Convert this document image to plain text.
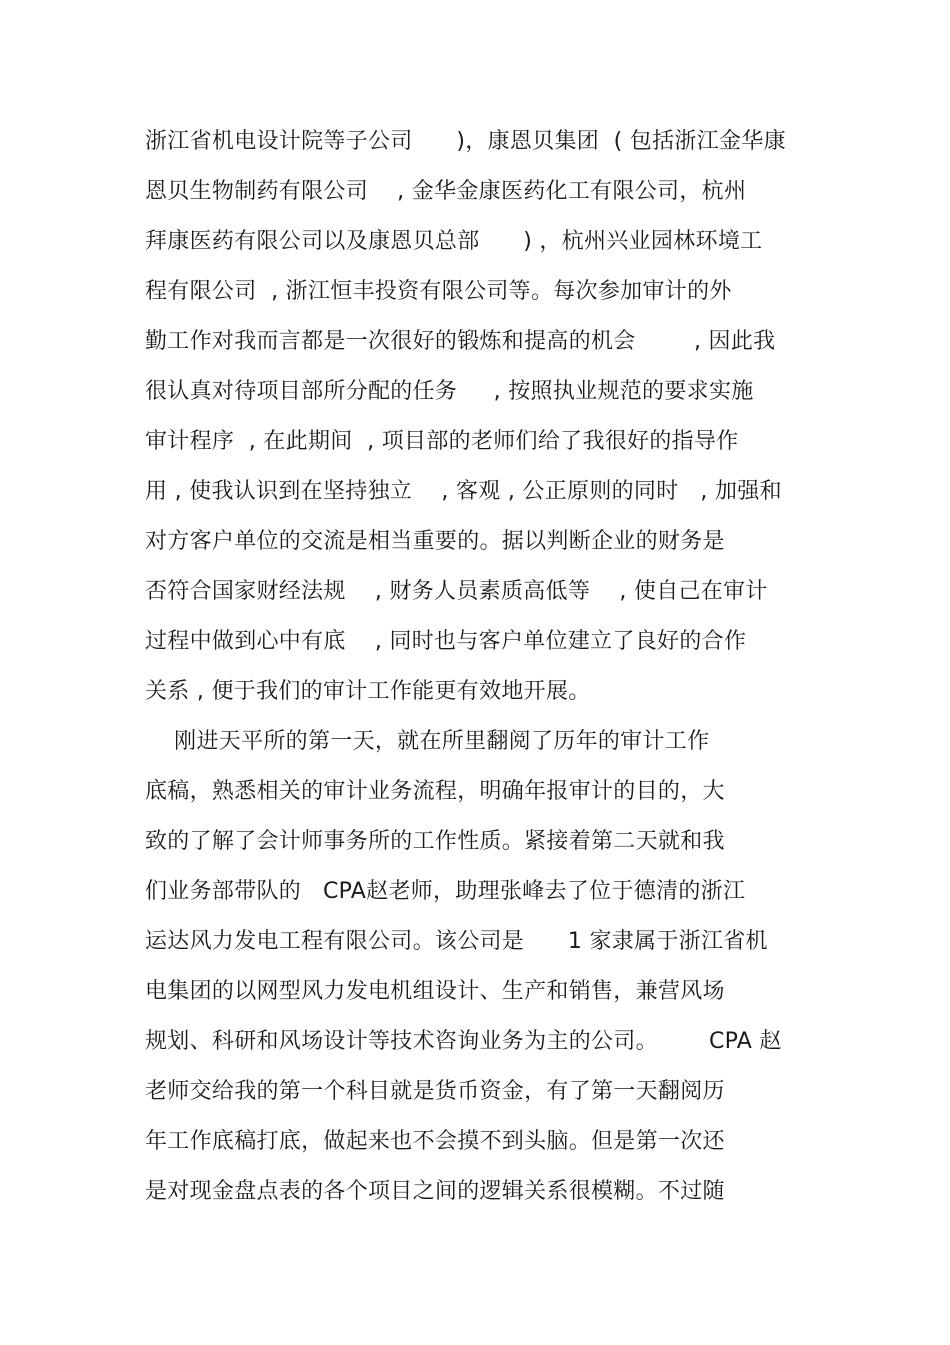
浙江省机电设计院等子公司      )，康恩贝集团  ( 包括浙江金华康
恩贝生物制药有限公司    , 金华金康医药化工有限公司，杭州
拜康医药有限公司以及康恩贝总部      ) ，杭州兴业园林环境工
程有限公司  , 浙江恒丰投资有限公司等。每次参加审计的外
勤工作对我而言都是一次很好的锻炼和提高的机会        , 因此我
很认真对待项目部所分配的任务     , 按照执业规范的要求实施
审计程序  , 在此期间  , 项目部的老师们给了我很好的指导作
用 , 使我认识到在坚持独立    , 客观 , 公正原则的同时   , 加强和
对方客户单位的交流是相当重要的。据以判断企业的财务是
否符合国家财经法规    , 财务人员素质高低等    , 使自己在审计
过程中做到心中有底    , 同时也与客户单位建立了良好的合作
关系 , 便于我们的审计工作能更有效地开展。
刚进天平所的第一天，就在所里翻阅了历年的审计工作
底稿，熟悉相关的审计业务流程，明确年报审计的目的，大
致的了解了会计师事务所的工作性质。紧接着第二天就和我
们业务部带队的   CPA赵老师，助理张峰去了位于德清的浙江
运达风力发电工程有限公司。该公司是      1 家隶属于浙江省机
电集团的以网型风力发电机组设计、生产和销售，兼营风场
规划、科研和风场设计等技术咨询业务为主的公司。       CPA 赵
老师交给我的第一个科目就是货币资金，有了第一天翻阅历
年工作底稿打底，做起来也不会摸不到头脑。但是第一次还
是对现金盘点表的各个项目之间的逻辑关系很模糊。不过随
